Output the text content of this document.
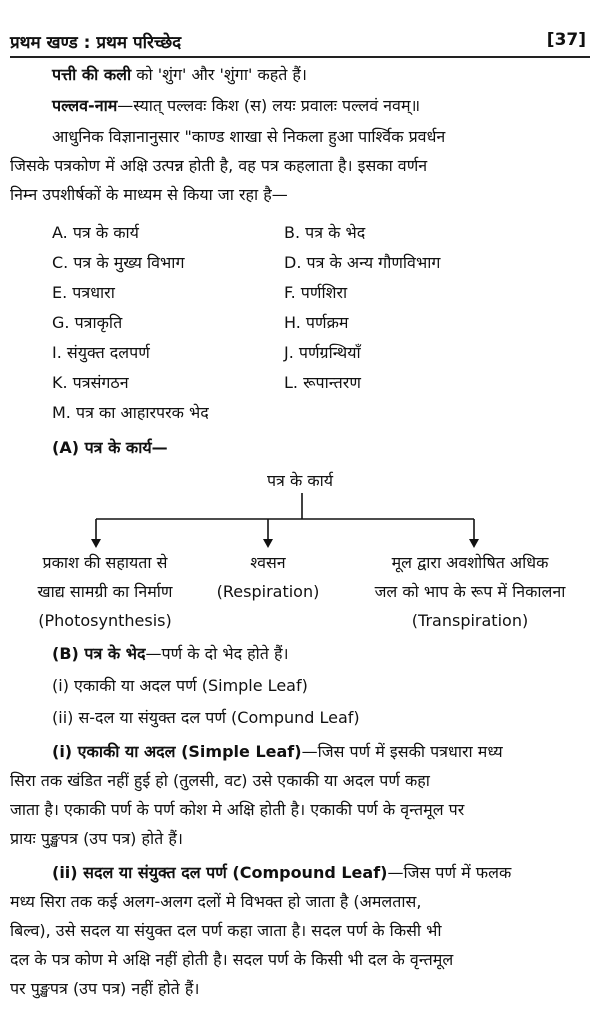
प्रथम खण्ड : प्रथम परिच्छेद	[37]
पत्ती की कली को 'शुंग' और 'शुंगा' कहते हैं।
पल्लव-नाम—स्यात् पल्लवः किश (स) लयः प्रवालः पल्लवं नवम्॥
आधुनिक विज्ञानानुसार "काण्ड शाखा से निकला हुआ पार्श्विक प्रवर्धन
जिसके पत्रकोण में अक्षि उत्पन्न होती है, वह पत्र कहलाता है। इसका वर्णन
निम्न उपशीर्षकों के माध्यम से किया जा रहा है—
A. पत्र के कार्य	B. पत्र के भेद
C. पत्र के मुख्य विभाग	D. पत्र के अन्य गौणविभाग
E. पत्रधारा	F. पर्णशिरा
G. पत्राकृति	H. पर्णक्रम
I. संयुक्त दलपर्ण	J. पर्णग्रन्थियाँ
K. पत्रसंगठन	L. रूपान्तरण
M. पत्र का आहारपरक भेद
(A) पत्र के कार्य—
पत्र के कार्य
प्रकाश की सहायता से
खाद्य सामग्री का निर्माण
(Photosynthesis)
श्वसन
(Respiration)
मूल द्वारा अवशोषित अधिक
जल को भाप के रूप में निकालना
(Transpiration)
(B) पत्र के भेद—पर्ण के दो भेद होते हैं।
(i) एकाकी या अदल पर्ण (Simple Leaf)
(ii) स-दल या संयुक्त दल पर्ण (Compund Leaf)
(i) एकाकी या अदल (Simple Leaf)—जिस पर्ण में इसकी पत्रधारा मध्य
सिरा तक खंडित नहीं हुई हो (तुलसी, वट) उसे एकाकी या अदल पर्ण कहा
जाता है। एकाकी पर्ण के पर्ण कोश मे अक्षि होती है। एकाकी पर्ण के वृन्तमूल पर
प्रायः पुङ्खपत्र (उप पत्र) होते हैं।
(ii) सदल या संयुक्त दल पर्ण (Compound Leaf)—जिस पर्ण में फलक
मध्य सिरा तक कई अलग-अलग दलों मे विभक्त हो जाता है (अमलतास,
बिल्व), उसे सदल या संयुक्त दल पर्ण कहा जाता है। सदल पर्ण के किसी भी
दल के पत्र कोण मे अक्षि नहीं होती है। सदल पर्ण के किसी भी दल के वृन्तमूल
पर पुङ्खपत्र (उप पत्र) नहीं होते हैं।
